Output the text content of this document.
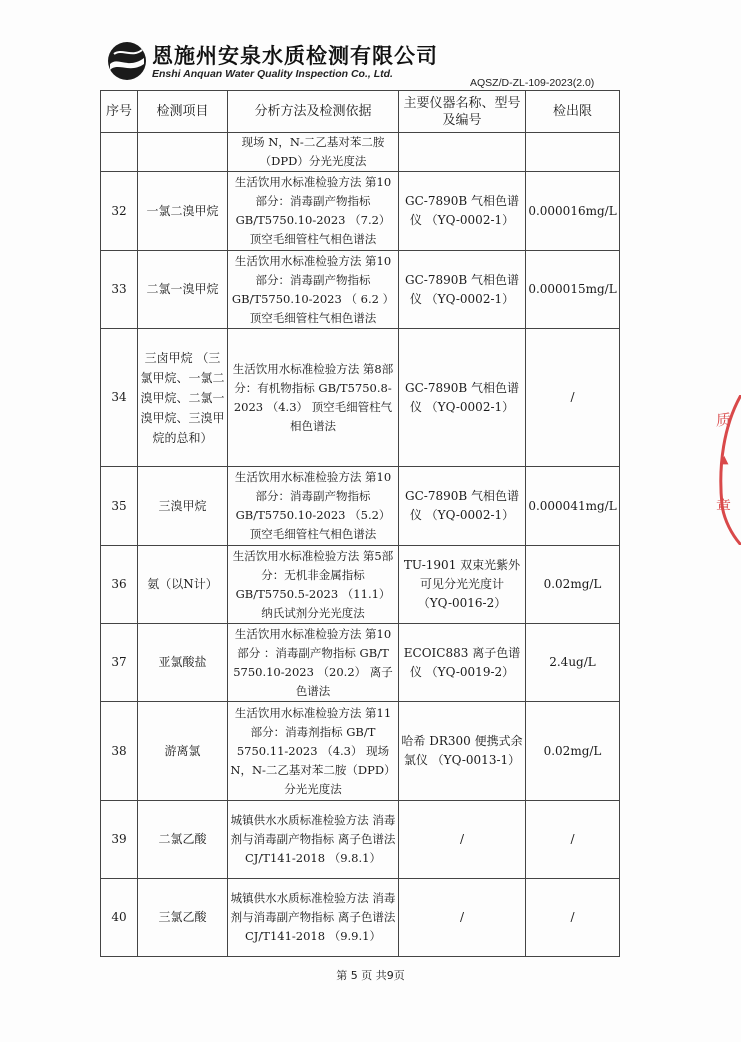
恩施州安泉水质检测有限公司
Enshi Anquan Water Quality Inspection Co., Ltd.
AQSZ/D-ZL-109-2023(2.0)
序号	检测项目	分析方法及检测依据	主要仪器名称、型号及编号	检出限
		现场 N，N-二乙基对苯二胺（DPD）分光光度法		
32	一氯二溴甲烷	生活饮用水标准检验方法 第10部分：消毒副产物指标 GB/T5750.10-2023 （7.2） 顶空毛细管柱气相色谱法	GC-7890B 气相色谱仪 （YQ-0002-1）	0.000016mg/L
33	二氯一溴甲烷	生活饮用水标准检验方法 第10部分：消毒副产物指标 GB/T5750.10-2023 （ 6.2 ） 顶空毛细管柱气相色谱法	GC-7890B 气相色谱仪 （YQ-0002-1）	0.000015mg/L
34	三卤甲烷 （三氯甲烷、一氯二溴甲烷、二氯一溴甲烷、三溴甲烷的总和）	生活饮用水标准检验方法 第8部分：有机物指标 GB/T5750.8-2023 （4.3） 顶空毛细管柱气相色谱法	GC-7890B 气相色谱仪 （YQ-0002-1）	/
35	三溴甲烷	生活饮用水标准检验方法 第10部分：消毒副产物指标 GB/T5750.10-2023 （5.2） 顶空毛细管柱气相色谱法	GC-7890B 气相色谱仪 （YQ-0002-1）	0.000041mg/L
36	氨（以N计）	生活饮用水标准检验方法 第5部分：无机非金属指标 GB/T5750.5-2023 （11.1） 纳氏试剂分光光度法	TU-1901 双束光紫外可见分光光度计 （YQ-0016-2）	0.02mg/L
37	亚氯酸盐	生活饮用水标准检验方法 第10部分 ：消毒副产物指标 GB/T 5750.10-2023 （20.2） 离子色谱法	ECOIC883 离子色谱仪 （YQ-0019-2）	2.4ug/L
38	游离氯	生活饮用水标准检验方法 第11部分：消毒剂指标 GB/T 5750.11-2023 （4.3） 现场 N，N-二乙基对苯二胺（DPD）分光光度法	哈希 DR300 便携式余氯仪 （YQ-0013-1）	0.02mg/L
39	二氯乙酸	城镇供水水质标准检验方法 消毒剂与消毒副产物指标 离子色谱法 CJ/T141-2018 （9.8.1）	/	/
40	三氯乙酸	城镇供水水质标准检验方法 消毒剂与消毒副产物指标 离子色谱法 CJ/T141-2018 （9.9.1）	/	/
第 5 页 共9页
质
▲
章
